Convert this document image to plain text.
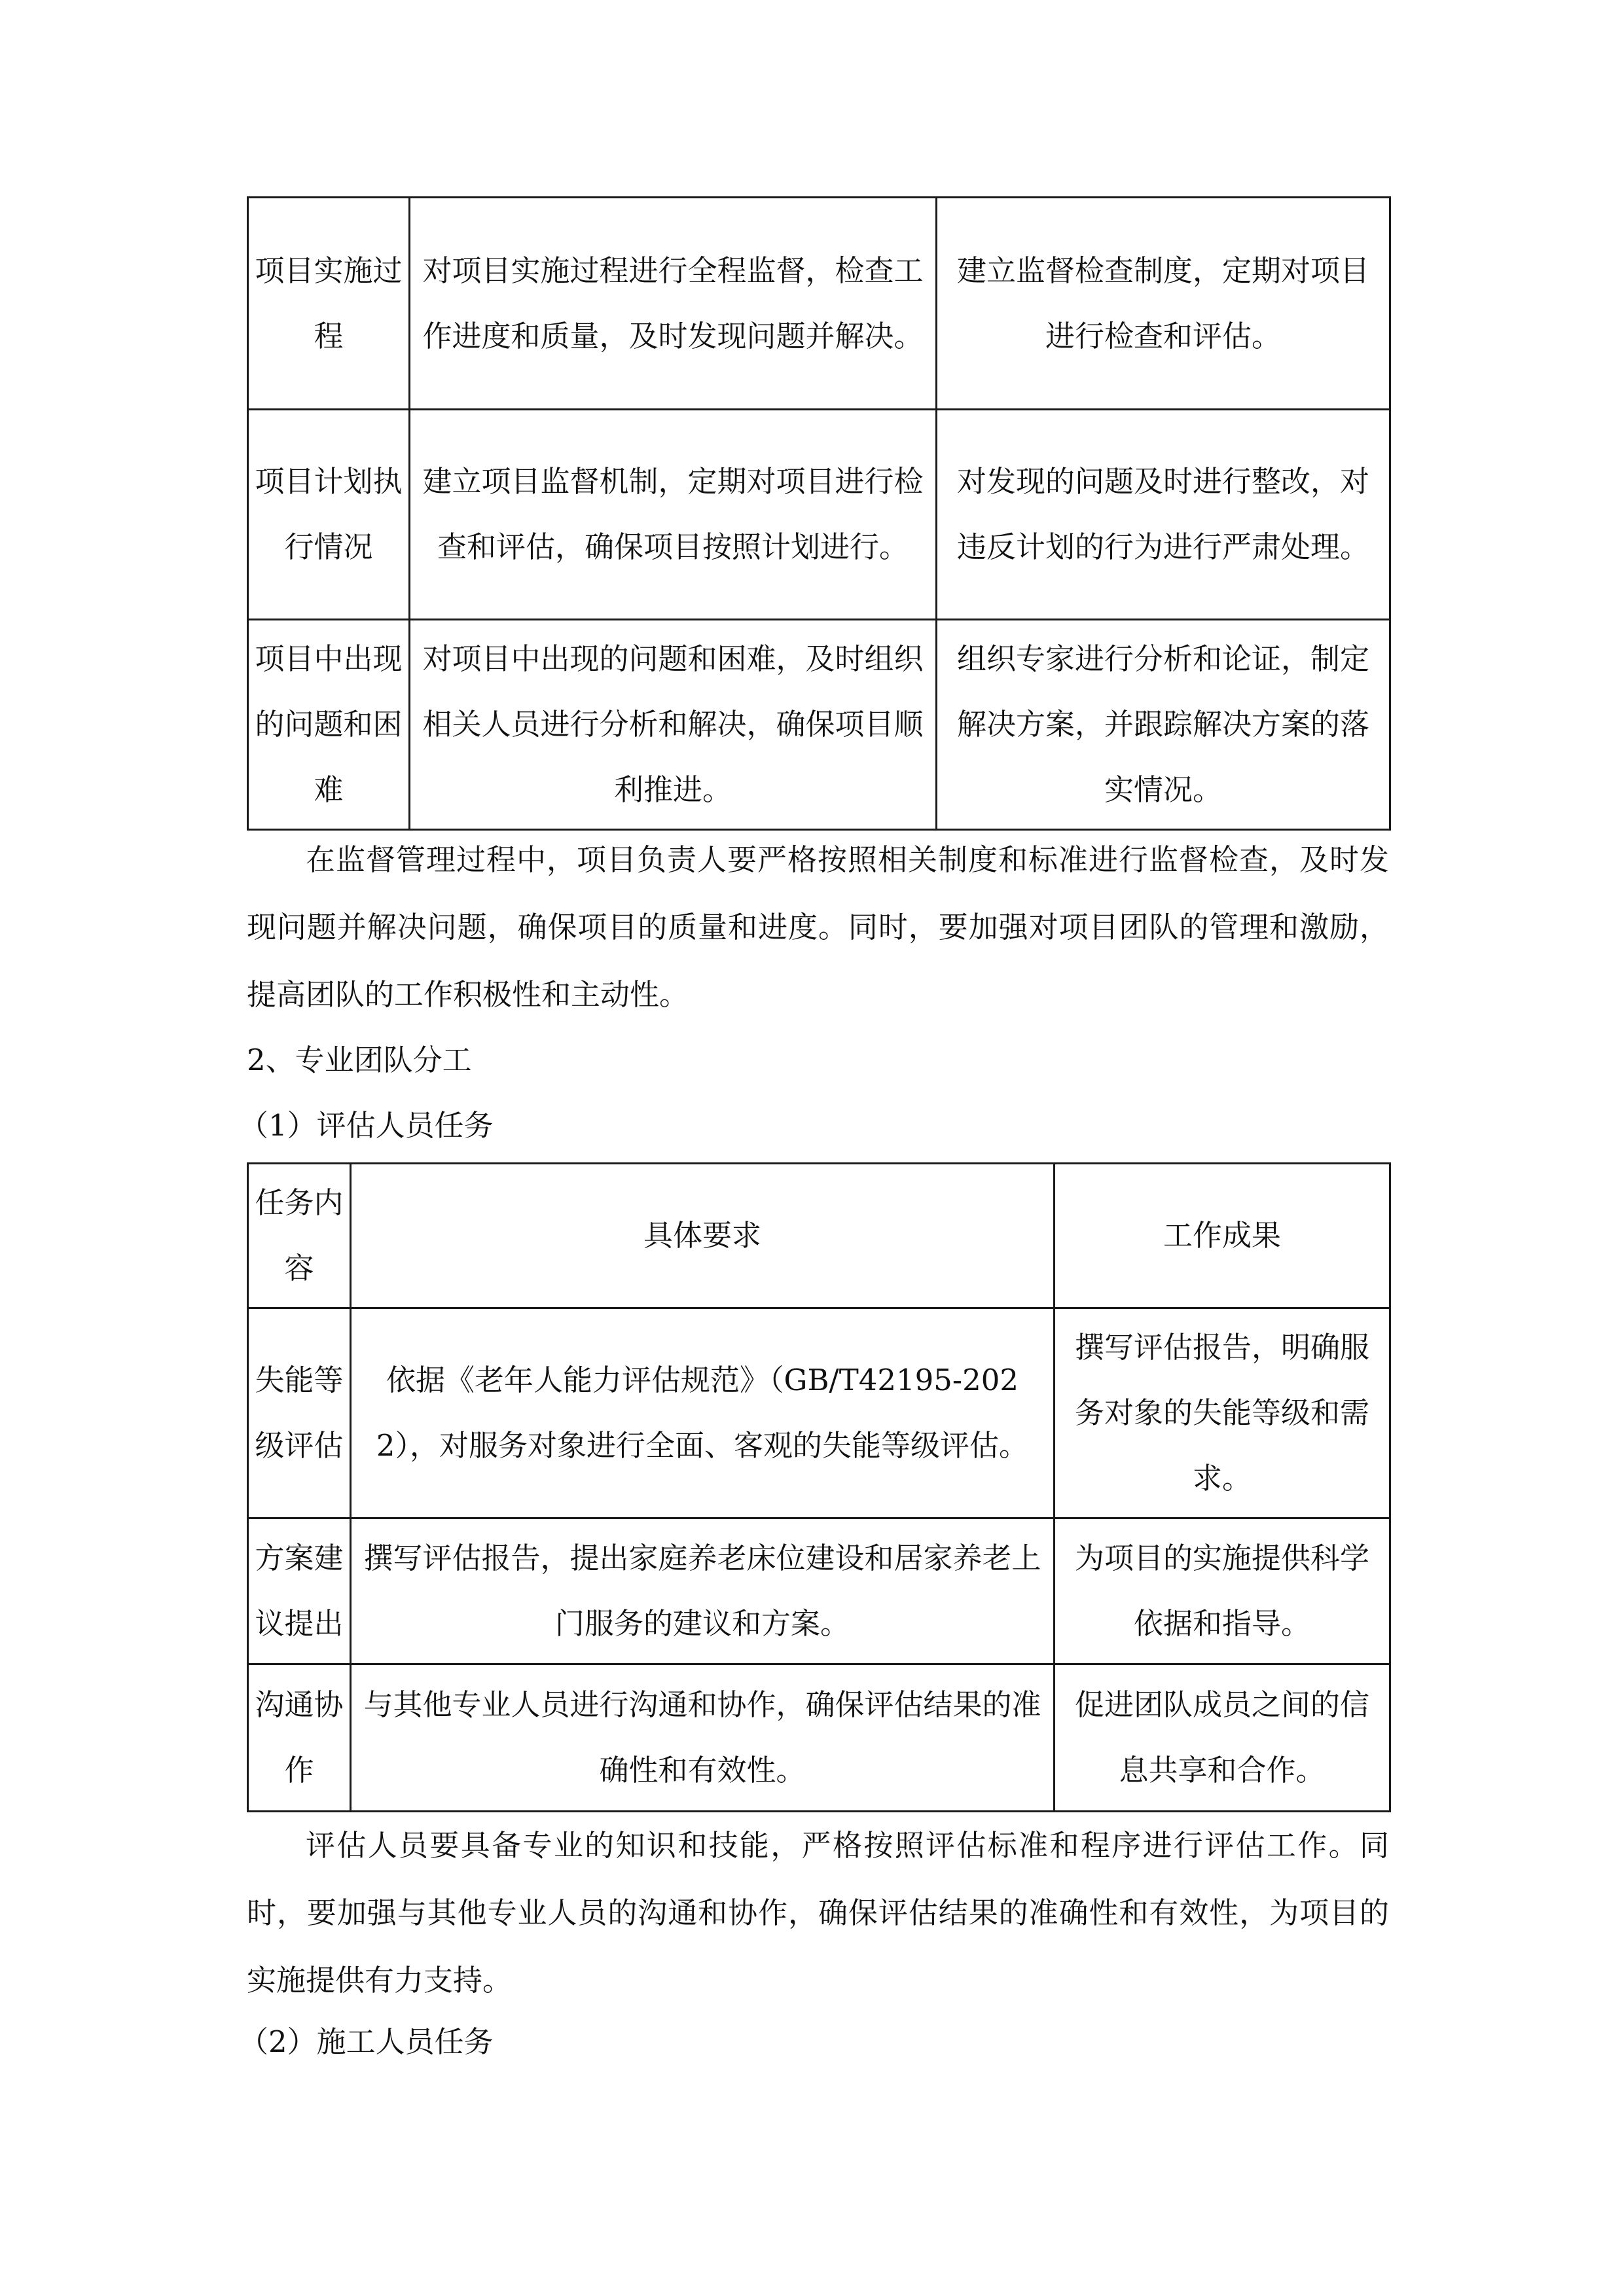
项目实施过程	对项目实施过程进行全程监督，检查工作进度和质量，及时发现问题并解决。	建立监督检查制度，定期对项目进行检查和评估。
项目计划执行情况	建立项目监督机制，定期对项目进行检查和评估，确保项目按照计划进行。	对发现的问题及时进行整改，对违反计划的行为进行严肃处理。
项目中出现的问题和困难	对项目中出现的问题和困难，及时组织相关人员进行分析和解决，确保项目顺利推进。	组织专家进行分析和论证，制定解决方案，并跟踪解决方案的落实情况。

在监督管理过程中，项目负责人要严格按照相关制度和标准进行监督检查，及时发现问题并解决问题，确保项目的质量和进度。同时，要加强对项目团队的管理和激励，提高团队的工作积极性和主动性。

2、专业团队分工

（1）评估人员任务

任务内容	具体要求	工作成果
失能等级评估	依据《老年人能力评估规范》（GB/T42195-2022），对服务对象进行全面、客观的失能等级评估。	撰写评估报告，明确服务对象的失能等级和需求。
方案建议提出	撰写评估报告，提出家庭养老床位建设和居家养老上门服务的建议和方案。	为项目的实施提供科学依据和指导。
沟通协作	与其他专业人员进行沟通和协作，确保评估结果的准确性和有效性。	促进团队成员之间的信息共享和合作。

评估人员要具备专业的知识和技能，严格按照评估标准和程序进行评估工作。同时，要加强与其他专业人员的沟通和协作，确保评估结果的准确性和有效性，为项目的实施提供有力支持。

（2）施工人员任务
